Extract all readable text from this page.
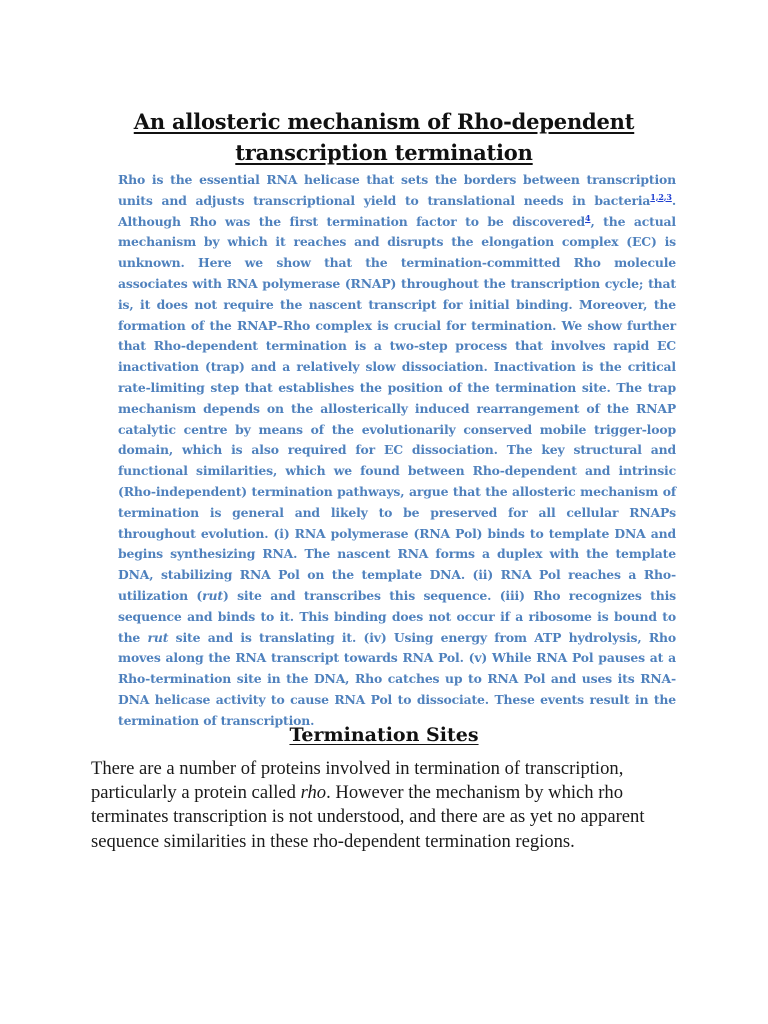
An allosteric mechanism of Rho-dependent
transcription termination

Rho is the essential RNA helicase that sets the borders between transcription units and adjusts transcriptional yield to translational needs in bacteria$^{1,2,3}$. Although Rho was the first termination factor to be discovered$^4$, the actual mechanism by which it reaches and disrupts the elongation complex (EC) is unknown. Here we show that the termination-committed Rho molecule associates with RNA polymerase (RNAP) throughout the transcription cycle; that is, it does not require the nascent transcript for initial binding. Moreover, the formation of the RNAP–Rho complex is crucial for termination. We show further that Rho-dependent termination is a two-step process that involves rapid EC inactivation (trap) and a relatively slow dissociation. Inactivation is the critical rate-limiting step that establishes the position of the termination site. The trap mechanism depends on the allosterically induced rearrangement of the RNAP catalytic centre by means of the evolutionarily conserved mobile trigger-loop domain, which is also required for EC dissociation. The key structural and functional similarities, which we found between Rho-dependent and intrinsic (Rho-independent) termination pathways, argue that the allosteric mechanism of termination is general and likely to be preserved for all cellular RNAPs throughout evolution. (i) RNA polymerase (RNA Pol) binds to template DNA and begins synthesizing RNA. The nascent RNA forms a duplex with the template DNA, stabilizing RNA Pol on the template DNA. (ii) RNA Pol reaches a Rho-utilization (rut) site and transcribes this sequence. (iii) Rho recognizes this sequence and binds to it. This binding does not occur if a ribosome is bound to the rut site and is translating it. (iv) Using energy from ATP hydrolysis, Rho moves along the RNA transcript towards RNA Pol. (v) While RNA Pol pauses at a Rho-termination site in the DNA, Rho catches up to RNA Pol and uses its RNA-DNA helicase activity to cause RNA Pol to dissociate. These events result in the termination of transcription.

Termination Sites

There are a number of proteins involved in termination of transcription, particularly a protein called rho. However the mechanism by which rho terminates transcription is not understood, and there are as yet no apparent sequence similarities in these rho-dependent termination regions.
